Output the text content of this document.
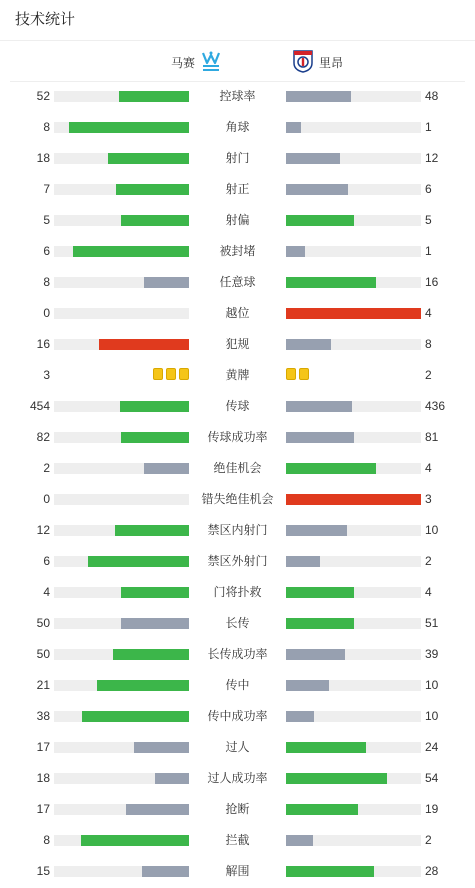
技术统计
马赛	里昂
52	控球率	48
8	角球	1
18	射门	12
7	射正	6
5	射偏	5
6	被封堵	1
8	任意球	16
0	越位	4
16	犯规	8
3	黄牌	2
454	传球	436
82	传球成功率	81
2	绝佳机会	4
0	错失绝佳机会	3
12	禁区内射门	10
6	禁区外射门	2
4	门将扑救	4
50	长传	51
50	长传成功率	39
21	传中	10
38	传中成功率	10
17	过人	24
18	过人成功率	54
17	抢断	19
8	拦截	2
15	解围	28
